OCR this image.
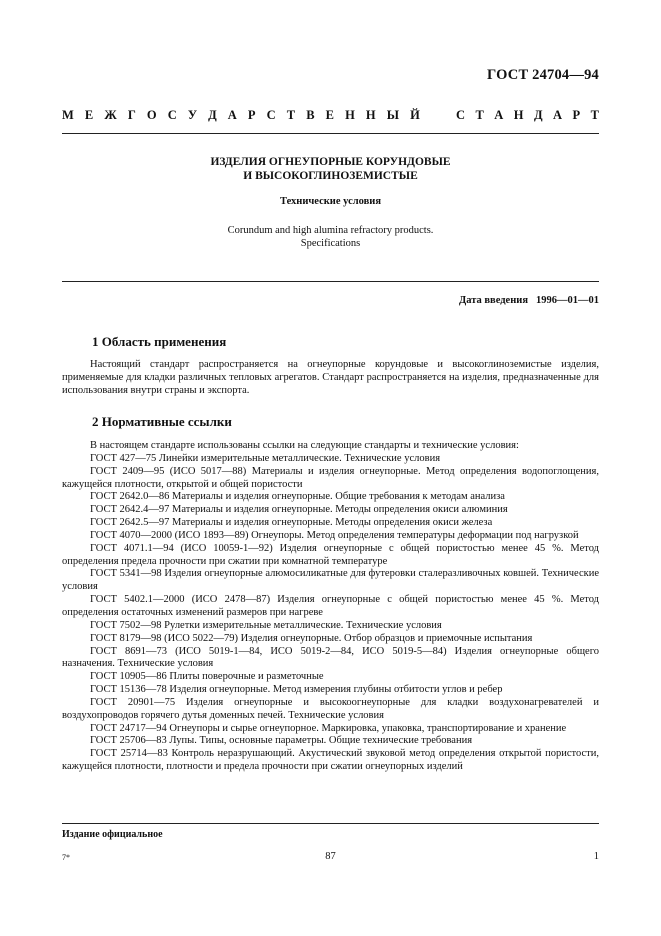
ГОСТ 24704—94
М Е Ж Г О С У Д А Р С Т В Е Н Н Ы Й	С Т А Н Д А Р Т
ИЗДЕЛИЯ ОГНЕУПОРНЫЕ КОРУНДОВЫЕ
И ВЫСОКОГЛИНОЗЕМИСТЫЕ
Технические условия
Corundum and high alumina refractory products.
Specifications
Дата введения 1996—01—01
1 Область применения

Настоящий стандарт распространяется на огнеупорные корундовые и высокоглиноземистые изделия, применяемые для кладки различных тепловых агрегатов. Стандарт распространяется на изделия, предназначенные для использования внутри страны и экспорта.

2 Нормативные ссылки

В настоящем стандарте использованы ссылки на следующие стандарты и технические условия:

ГОСТ 427—75 Линейки измерительные металлические. Технические условия

ГОСТ 2409—95 (ИСО 5017—88) Материалы и изделия огнеупорные. Метод определения водопоглощения, кажущейся плотности, открытой и общей пористости

ГОСТ 2642.0—86 Материалы и изделия огнеупорные. Общие требования к методам анализа

ГОСТ 2642.4—97 Материалы и изделия огнеупорные. Методы определения окиси алюминия

ГОСТ 2642.5—97 Материалы и изделия огнеупорные. Методы определения окиси железа

ГОСТ 4070—2000 (ИСО 1893—89) Огнеупоры. Метод определения температуры деформации под нагрузкой

ГОСТ 4071.1—94 (ИСО 10059-1—92) Изделия огнеупорные с общей пористостью менее 45 %. Метод определения предела прочности при сжатии при комнатной температуре

ГОСТ 5341—98 Изделия огнеупорные алюмосиликатные для футеровки сталеразливочных ковшей. Технические условия

ГОСТ 5402.1—2000 (ИСО 2478—87) Изделия огнеупорные с общей пористостью менее 45 %. Метод определения остаточных изменений размеров при нагреве

ГОСТ 7502—98 Рулетки измерительные металлические. Технические условия

ГОСТ 8179—98 (ИСО 5022—79) Изделия огнеупорные. Отбор образцов и приемочные испытания

ГОСТ 8691—73 (ИСО 5019-1—84, ИСО 5019-2—84, ИСО 5019-5—84) Изделия огнеупорные общего назначения. Технические условия

ГОСТ 10905—86 Плиты поверочные и разметочные

ГОСТ 15136—78 Изделия огнеупорные. Метод измерения глубины отбитости углов и ребер

ГОСТ 20901—75 Изделия огнеупорные и высокоогнеупорные для кладки воздухонагревателей и воздухопроводов горячего дутья доменных печей. Технические условия

ГОСТ 24717—94 Огнеупоры и сырье огнеупорное. Маркировка, упаковка, транспортирование и хранение

ГОСТ 25706—83 Лупы. Типы, основные параметры. Общие технические требования

ГОСТ 25714—83 Контроль неразрушающий. Акустический звуковой метод определения открытой пористости, кажущейся плотности, плотности и предела прочности при сжатии огнеупорных изделий

Издание официальное
7*	87	1
